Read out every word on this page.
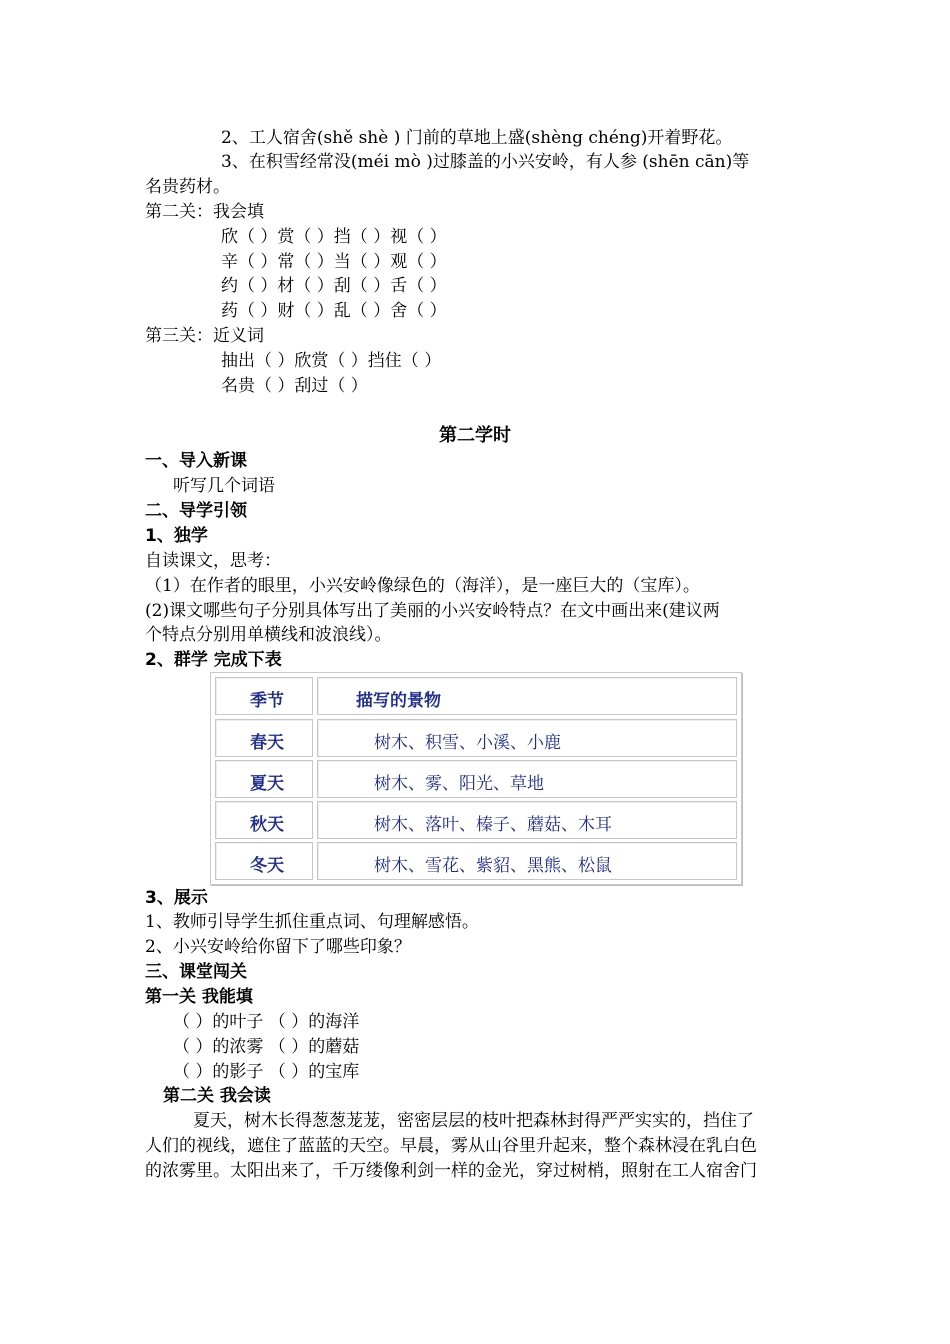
2、工人宿舍(shě shè ) 门前的草地上盛(shèng chéng)开着野花。
3、在积雪经常没(méi mò )过膝盖的小兴安岭，有人参 (shēn cān)等
名贵药材。
第二关：我会填
欣（ ）赏（ ）挡（ ）视（ ）
辛（ ）常（ ）当（ ）观（ ）
约（ ）材（ ）刮（ ）舌（ ）
药（ ）财（ ）乱（ ）舍（ ）
第三关：近义词
抽出（ ）欣赏（ ）挡住（ ）
名贵（ ）刮过（ ）
第二学时
一、导入新课
听写几个词语
二、导学引领
1、独学
自读课文，思考：
（1）在作者的眼里，小兴安岭像绿色的（海洋），是一座巨大的（宝库）。
(2)课文哪些句子分别具体写出了美丽的小兴安岭特点？在文中画出来(建议两
个特点分别用单横线和波浪线）。
2、群学 完成下表
季节	描写的景物
春天	树木、积雪、小溪、小鹿
夏天	树木、雾、阳光、草地
秋天	树木、落叶、榛子、蘑菇、木耳
冬天	树木、雪花、紫貂、黑熊、松鼠
3、展示
1、教师引导学生抓住重点词、句理解感悟。
2、小兴安岭给你留下了哪些印象？
三、课堂闯关
第一关 我能填
（ ）的叶子 （ ）的海洋
（ ）的浓雾 （ ）的蘑菇
（ ）的影子 （ ）的宝库
第二关 我会读
夏天，树木长得葱葱茏茏，密密层层的枝叶把森林封得严严实实的，挡住了
人们的视线，遮住了蓝蓝的天空。早晨，雾从山谷里升起来，整个森林浸在乳白色
的浓雾里。太阳出来了，千万缕像利剑一样的金光，穿过树梢，照射在工人宿舍门
